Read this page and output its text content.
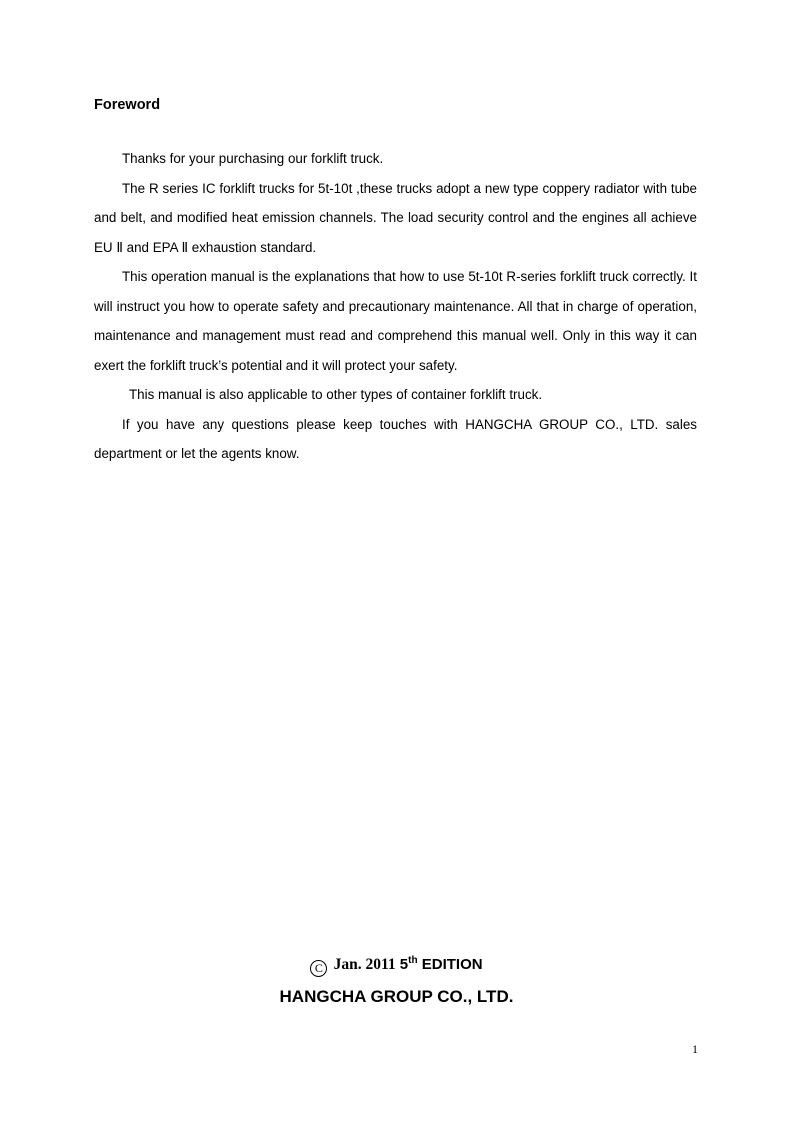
Foreword

Thanks for your purchasing our forklift truck.

The R series IC forklift trucks for 5t-10t ,these trucks adopt a new type coppery radiator with tube and belt, and modified heat emission channels. The load security control and the engines all achieve EU Ⅱ and EPA Ⅱ exhaustion standard.

This operation manual is the explanations that how to use 5t-10t R-series forklift truck correctly. It will instruct you how to operate safety and precautionary maintenance. All that in charge of operation, maintenance and management must read and comprehend this manual well. Only in this way it can exert the forklift truck’s potential and it will protect your safety.

This manual is also applicable to other types of container forklift truck.

If you have any questions please keep touches with HANGCHA GROUP CO., LTD. sales department or let the agents know.

C Jan. 2011 5th EDITION
HANGCHA GROUP CO., LTD.
1
